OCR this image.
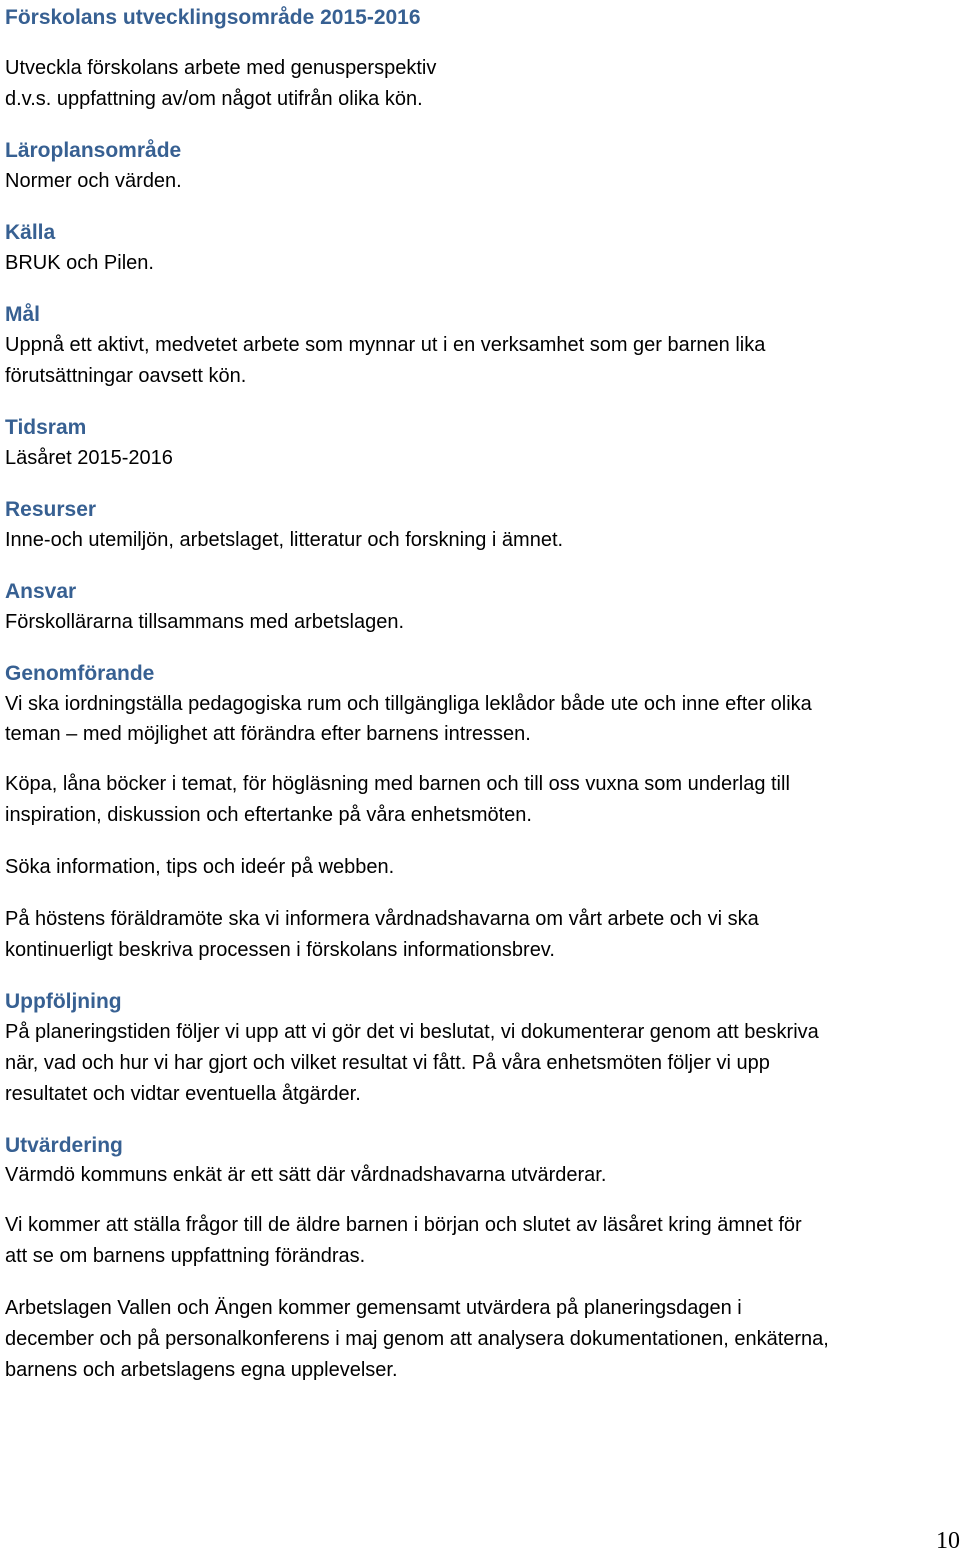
Förskolans utvecklingsområde 2015-2016

Utveckla förskolans arbete med genusperspektiv

d.v.s. uppfattning av/om något utifrån olika kön.

Läroplansområde

Normer och värden.

Källa

BRUK och Pilen.

Mål

Uppnå ett aktivt, medvetet arbete som mynnar ut i en verksamhet som ger barnen lika

förutsättningar oavsett kön.

Tidsram

Läsåret 2015-2016

Resurser

Inne-och utemiljön, arbetslaget, litteratur och forskning i ämnet.

Ansvar

Förskollärarna tillsammans med arbetslagen.

Genomförande

Vi ska iordningställa pedagogiska rum och tillgängliga leklådor både ute och inne efter olika

teman – med möjlighet att förändra efter barnens intressen.

Köpa, låna böcker i temat, för högläsning med barnen och till oss vuxna som underlag till

inspiration, diskussion och eftertanke på våra enhetsmöten.

Söka information, tips och ideér på webben.

På höstens föräldramöte ska vi informera vårdnadshavarna om vårt arbete och vi ska

kontinuerligt beskriva processen i förskolans informationsbrev.

Uppföljning

På planeringstiden följer vi upp att vi gör det vi beslutat, vi dokumenterar genom att beskriva

när, vad och hur vi har gjort och vilket resultat vi fått. På våra enhetsmöten följer vi upp

resultatet och vidtar eventuella åtgärder.

Utvärdering

Värmdö kommuns enkät är ett sätt där vårdnadshavarna utvärderar.

Vi kommer att ställa frågor till de äldre barnen i början och slutet av läsåret kring ämnet för

att se om barnens uppfattning förändras.

Arbetslagen Vallen och Ängen kommer gemensamt utvärdera på planeringsdagen i

december och på personalkonferens i maj genom att analysera dokumentationen, enkäterna,

barnens och arbetslagens egna upplevelser.

10
